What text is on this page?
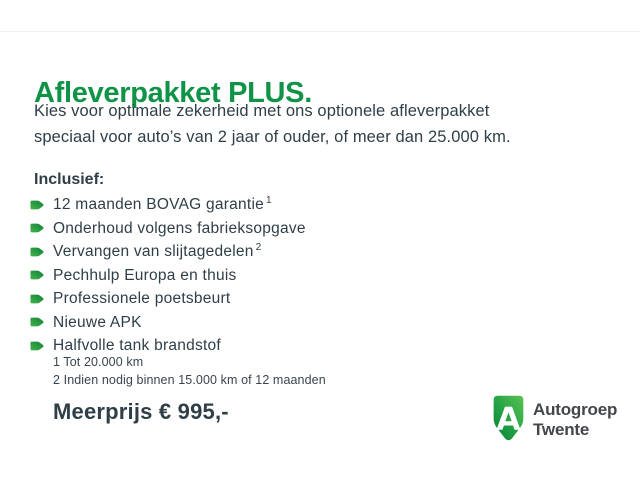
Afleverpakket PLUS.
Kies voor optimale zekerheid met ons optionele afleverpakket
speciaal voor auto’s van 2 jaar of ouder, of meer dan 25.000 km.
Inclusief:
12 maanden BOVAG garantie $^1$
Onderhoud volgens fabrieksopgave
Vervangen van slijtagedelen $^2$
Pechhulp Europa en thuis
Professionele poetsbeurt
Nieuwe APK
Halfvolle tank brandstof
1 Tot 20.000 km
2 Indien nodig binnen 15.000 km of 12 maanden
Meerprijs € 995,-	A Autogroep
Twente
